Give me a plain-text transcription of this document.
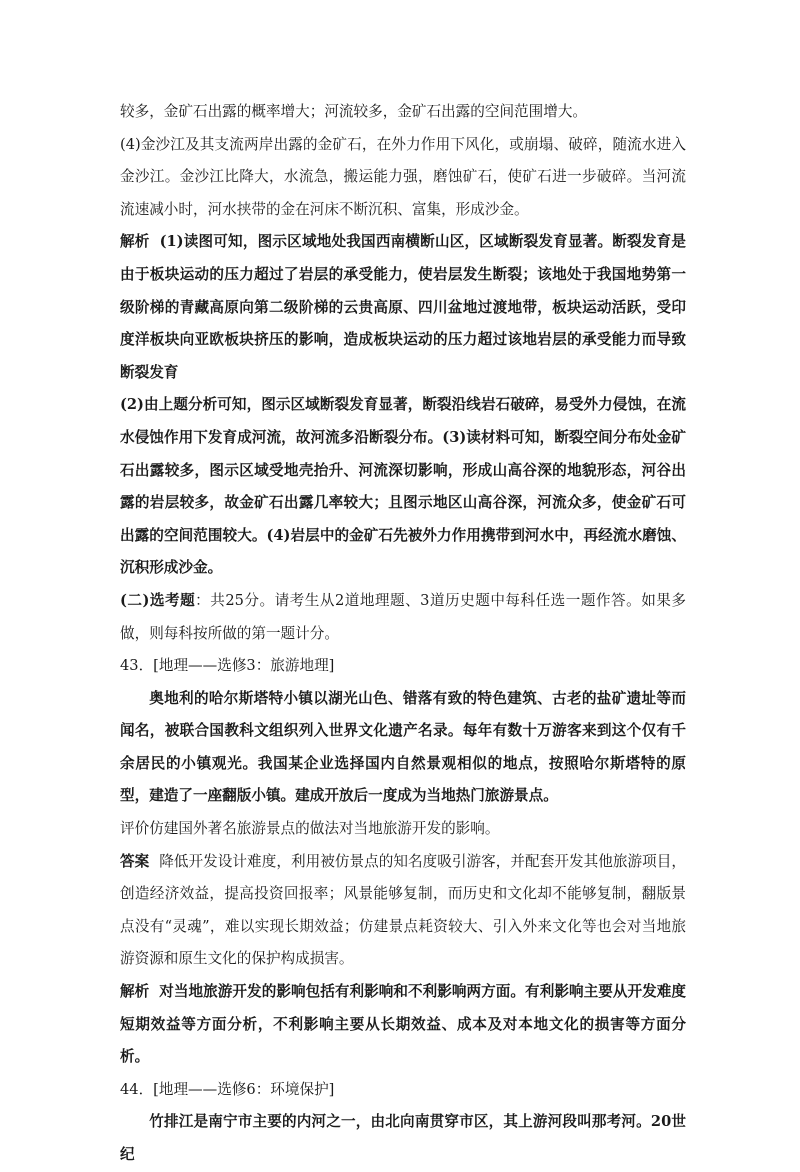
较多，金矿石出露的概率增大；河流较多，金矿石出露的空间范围增大。

(4)金沙江及其支流两岸出露的金矿石，在外力作用下风化，或崩塌、破碎，随流水进入金沙江。金沙江比降大，水流急，搬运能力强，磨蚀矿石，使矿石进一步破碎。当河流流速减小时，河水挟带的金在河床不断沉积、富集，形成沙金。

解析 (1)读图可知，图示区域地处我国西南横断山区，区域断裂发育显著。断裂发育是由于板块运动的压力超过了岩层的承受能力，使岩层发生断裂；该地处于我国地势第一级阶梯的青藏高原向第二级阶梯的云贵高原、四川盆地过渡地带，板块运动活跃，受印度洋板块向亚欧板块挤压的影响，造成板块运动的压力超过该地岩层的承受能力而导致断裂发育

(2)由上题分析可知，图示区域断裂发育显著，断裂沿线岩石破碎，易受外力侵蚀，在流水侵蚀作用下发育成河流，故河流多沿断裂分布。(3)读材料可知，断裂空间分布处金矿石出露较多，图示区域受地壳抬升、河流深切影响，形成山高谷深的地貌形态，河谷出露的岩层较多，故金矿石出露几率较大；且图示地区山高谷深，河流众多，使金矿石可出露的空间范围较大。(4)岩层中的金矿石先被外力作用携带到河水中，再经流水磨蚀、沉积形成沙金。

(二)选考题：共25分。请考生从2道地理题、3道历史题中每科任选一题作答。如果多做，则每科按所做的第一题计分。

43．[地理——选修3：旅游地理]

奥地利的哈尔斯塔特小镇以湖光山色、错落有致的特色建筑、古老的盐矿遗址等而闻名，被联合国教科文组织列入世界文化遗产名录。每年有数十万游客来到这个仅有千余居民的小镇观光。我国某企业选择国内自然景观相似的地点，按照哈尔斯塔特的原型，建造了一座翻版小镇。建成开放后一度成为当地热门旅游景点。

评价仿建国外著名旅游景点的做法对当地旅游开发的影响。

答案 降低开发设计难度，利用被仿景点的知名度吸引游客，并配套开发其他旅游项目，创造经济效益，提高投资回报率；风景能够复制，而历史和文化却不能够复制，翻版景点没有“灵魂”，难以实现长期效益；仿建景点耗资较大、引入外来文化等也会对当地旅游资源和原生文化的保护构成损害。

解析 对当地旅游开发的影响包括有利影响和不利影响两方面。有利影响主要从开发难度短期效益等方面分析，不利影响主要从长期效益、成本及对本地文化的损害等方面分析。

44．[地理——选修6：环境保护]

竹排江是南宁市主要的内河之一，由北向南贯穿市区，其上游河段叫那考河。20世纪
